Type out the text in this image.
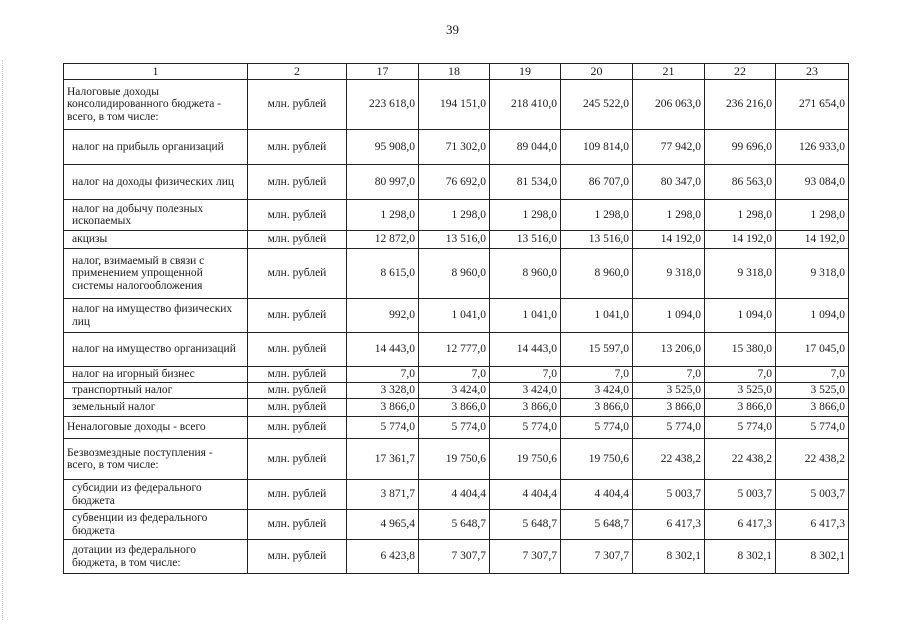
39
1	2	17	18	19	20	21	22	23
Налоговые доходы консолидированного бюджета - всего, в том числе:	млн. рублей	223 618,0	194 151,0	218 410,0	245 522,0	206 063,0	236 216,0	271 654,0
налог на прибыль организаций	млн. рублей	95 908,0	71 302,0	89 044,0	109 814,0	77 942,0	99 696,0	126 933,0
налог на доходы физических лиц	млн. рублей	80 997,0	76 692,0	81 534,0	86 707,0	80 347,0	86 563,0	93 084,0
налог на добычу полезных ископаемых	млн. рублей	1 298,0	1 298,0	1 298,0	1 298,0	1 298,0	1 298,0	1 298,0
акцизы	млн. рублей	12 872,0	13 516,0	13 516,0	13 516,0	14 192,0	14 192,0	14 192,0
налог, взимаемый в связи с применением упрощенной системы налогообложения	млн. рублей	8 615,0	8 960,0	8 960,0	8 960,0	9 318,0	9 318,0	9 318,0
налог на имущество физических лиц	млн. рублей	992,0	1 041,0	1 041,0	1 041,0	1 094,0	1 094,0	1 094,0
налог на имущество организаций	млн. рублей	14 443,0	12 777,0	14 443,0	15 597,0	13 206,0	15 380,0	17 045,0
налог на игорный бизнес	млн. рублей	7,0	7,0	7,0	7,0	7,0	7,0	7,0
транспортный налог	млн. рублей	3 328,0	3 424,0	3 424,0	3 424,0	3 525,0	3 525,0	3 525,0
земельный налог	млн. рублей	3 866,0	3 866,0	3 866,0	3 866,0	3 866,0	3 866,0	3 866,0
Неналоговые доходы - всего	млн. рублей	5 774,0	5 774,0	5 774,0	5 774,0	5 774,0	5 774,0	5 774,0
Безвозмездные поступления - всего, в том числе:	млн. рублей	17 361,7	19 750,6	19 750,6	19 750,6	22 438,2	22 438,2	22 438,2
субсидии из федерального бюджета	млн. рублей	3 871,7	4 404,4	4 404,4	4 404,4	5 003,7	5 003,7	5 003,7
субвенции из федерального бюджета	млн. рублей	4 965,4	5 648,7	5 648,7	5 648,7	6 417,3	6 417,3	6 417,3
дотации из федерального бюджета, в том числе:	млн. рублей	6 423,8	7 307,7	7 307,7	7 307,7	8 302,1	8 302,1	8 302,1
